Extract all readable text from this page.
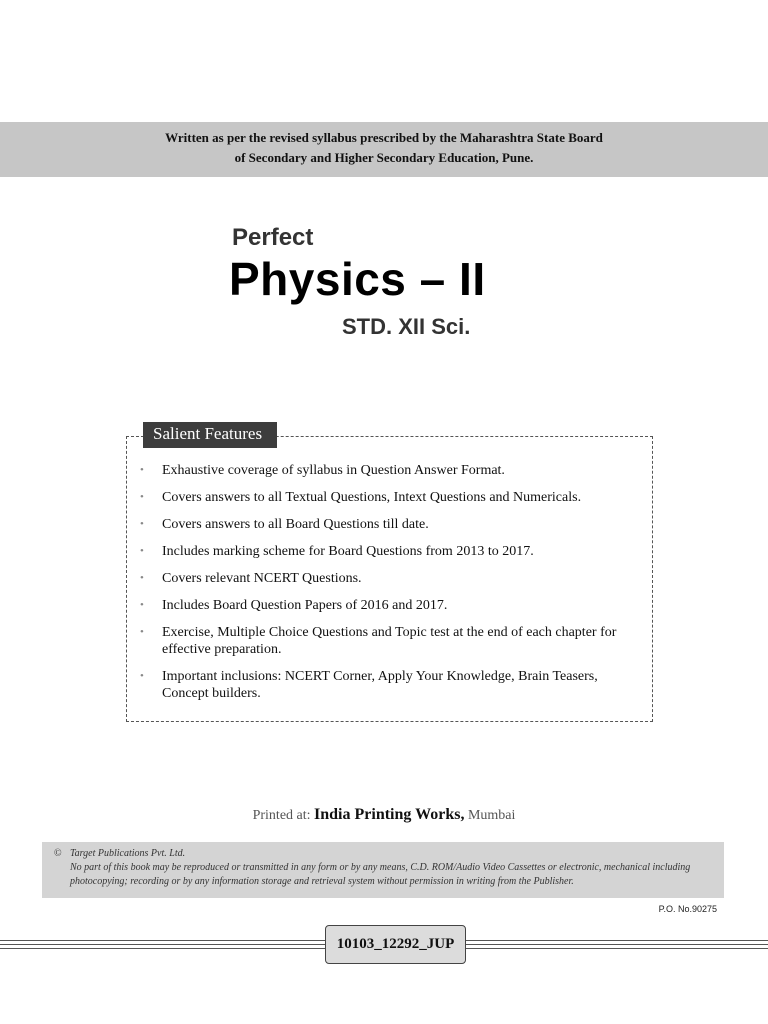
Written as per the revised syllabus prescribed by the Maharashtra State Board
of Secondary and Higher Secondary Education, Pune.
Perfect
Physics – II
STD. XII Sci.
Salient Features
• Exhaustive coverage of syllabus in Question Answer Format.
• Covers answers to all Textual Questions, Intext Questions and Numericals.
• Covers answers to all Board Questions till date.
• Includes marking scheme for Board Questions from 2013 to 2017.
• Covers relevant NCERT Questions.
• Includes Board Question Papers of 2016 and 2017.
• Exercise, Multiple Choice Questions and Topic test at the end of each chapter for effective preparation.
• Important inclusions: NCERT Corner, Apply Your Knowledge, Brain Teasers, Concept builders.
Printed at: India Printing Works, Mumbai
© Target Publications Pvt. Ltd.
No part of this book may be reproduced or transmitted in any form or by any means, C.D. ROM/Audio Video Cassettes or electronic, mechanical including photocopying; recording or by any information storage and retrieval system without permission in writing from the Publisher.
P.O. No.90275
10103_12292_JUP
